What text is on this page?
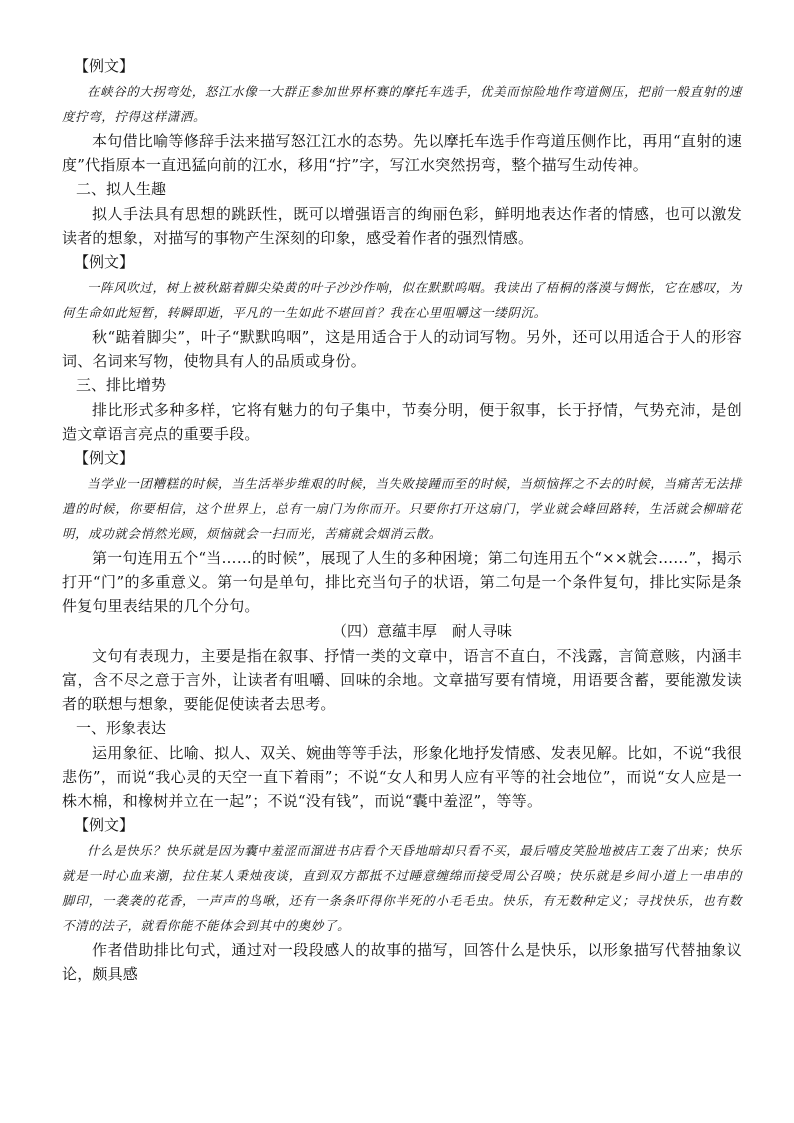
【例文】

在峡谷的大拐弯处，怒江水像一大群正参加世界杯赛的摩托车选手，优美而惊险地作弯道侧压，把前一般直射的速度拧弯，拧得这样潇洒。

本句借比喻等修辞手法来描写怒江江水的态势。先以摩托车选手作弯道压侧作比，再用“直射的速度”代指原本一直迅猛向前的江水，移用“拧”字，写江水突然拐弯，整个描写生动传神。

二、拟人生趣

拟人手法具有思想的跳跃性，既可以增强语言的绚丽色彩，鲜明地表达作者的情感，也可以激发读者的想象，对描写的事物产生深刻的印象，感受着作者的强烈情感。

【例文】

一阵风吹过，树上被秋踮着脚尖染黄的叶子沙沙作响，似在默默呜咽。我读出了梧桐的落漠与惆怅，它在感叹，为何生命如此短暂，转瞬即逝，平凡的一生如此不堪回首？我在心里咀嚼这一缕阴沉。

秋“踮着脚尖”，叶子“默默呜咽”，这是用适合于人的动词写物。另外，还可以用适合于人的形容词、名词来写物，使物具有人的品质或身份。

三、排比增势

排比形式多种多样，它将有魅力的句子集中，节奏分明，便于叙事，长于抒情，气势充沛，是创造文章语言亮点的重要手段。

【例文】

当学业一团糟糕的时候，当生活举步维艰的时候，当失败接踵而至的时候，当烦恼挥之不去的时候，当痛苦无法排遣的时候，你要相信，这个世界上，总有一扇门为你而开。只要你打开这扇门，学业就会峰回路转，生活就会柳暗花明，成功就会悄然光顾，烦恼就会一扫而光，苦痛就会烟消云散。

第一句连用五个“当……的时候”，展现了人生的多种困境；第二句连用五个“××就会……”，揭示打开“门”的多重意义。第一句是单句，排比充当句子的状语，第二句是一个条件复句，排比实际是条件复句里表结果的几个分句。

（四）意蕴丰厚　耐人寻味

文句有表现力，主要是指在叙事、抒情一类的文章中，语言不直白，不浅露，言简意赅，内涵丰富，含不尽之意于言外，让读者有咀嚼、回味的余地。文章描写要有情境，用语要含蓄，要能激发读者的联想与想象，要能促使读者去思考。

一、形象表达

运用象征、比喻、拟人、双关、婉曲等等手法，形象化地抒发情感、发表见解。比如，不说“我很悲伤”，而说“我心灵的天空一直下着雨”；不说“女人和男人应有平等的社会地位”，而说“女人应是一株木棉，和橡树并立在一起”；不说“没有钱”，而说“囊中羞涩”，等等。

【例文】

什么是快乐？快乐就是因为囊中羞涩而溜进书店看个天昏地暗却只看不买，最后嘻皮笑脸地被店工轰了出来；快乐就是一时心血来潮，拉住某人秉烛夜谈，直到双方都抵不过睡意缠绵而接受周公召唤；快乐就是乡间小道上一串串的脚印，一袭袭的花香，一声声的鸟啾，还有一条条吓得你半死的小毛毛虫。快乐，有无数种定义；寻找快乐，也有数不清的法子，就看你能不能体会到其中的奥妙了。

作者借助排比句式，通过对一段段感人的故事的描写，回答什么是快乐，以形象描写代替抽象议论，颇具感
